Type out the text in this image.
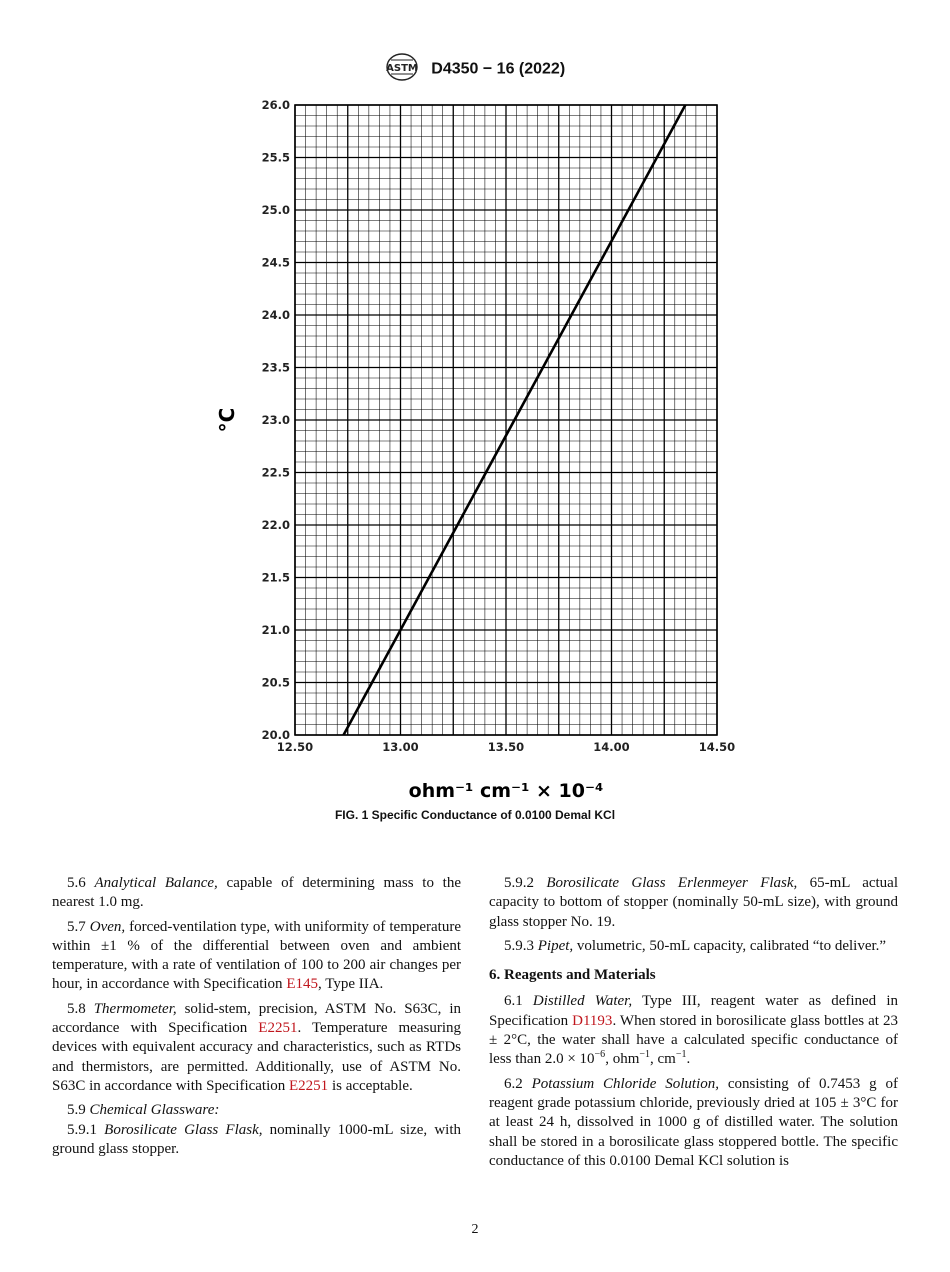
ASTM D4350 − 16 (2022)
20.0
20.5
21.0
21.5
22.0
22.5
23.0
23.5
24.0
24.5
25.0
25.5
26.0
12.50	13.00	13.50	14.00	14.50
°C
ohm⁻¹ cm⁻¹ × 10⁻⁴
FIG. 1 Specific Conductance of 0.0100 Demal KCl

5.6 Analytical Balance, capable of determining mass to the nearest 1.0 mg.

5.7 Oven, forced-ventilation type, with uniformity of temperature within ±1 % of the differential between oven and ambient temperature, with a rate of ventilation of 100 to 200 air changes per hour, in accordance with Specification E145, Type IIA.

5.8 Thermometer, solid-stem, precision, ASTM No. S63C, in accordance with Specification E2251. Temperature measuring devices with equivalent accuracy and characteristics, such as RTDs and thermistors, are permitted. Additionally, use of ASTM No. S63C in accordance with Specification E2251 is acceptable.

5.9 Chemical Glassware:

5.9.1 Borosilicate Glass Flask, nominally 1000-mL size, with ground glass stopper.

5.9.2 Borosilicate Glass Erlenmeyer Flask, 65-mL actual capacity to bottom of stopper (nominally 50-mL size), with ground glass stopper No. 19.

5.9.3 Pipet, volumetric, 50-mL capacity, calibrated “to deliver.”

6. Reagents and Materials

6.1 Distilled Water, Type III, reagent water as defined in Specification D1193. When stored in borosilicate glass bottles at 23 ± 2°C, the water shall have a calculated specific conductance of less than $2.0 \times 10^{-6}$, ohm$^{-1}$, $cm^{-1}$.

6.2 Potassium Chloride Solution, consisting of 0.7453 g of reagent grade potassium chloride, previously dried at 105 ± 3°C for at least 24 h, dissolved in 1000 g of distilled water. The solution shall be stored in a borosilicate glass stoppered bottle. The specific conductance of this 0.0100 Demal KCl solution is

2
